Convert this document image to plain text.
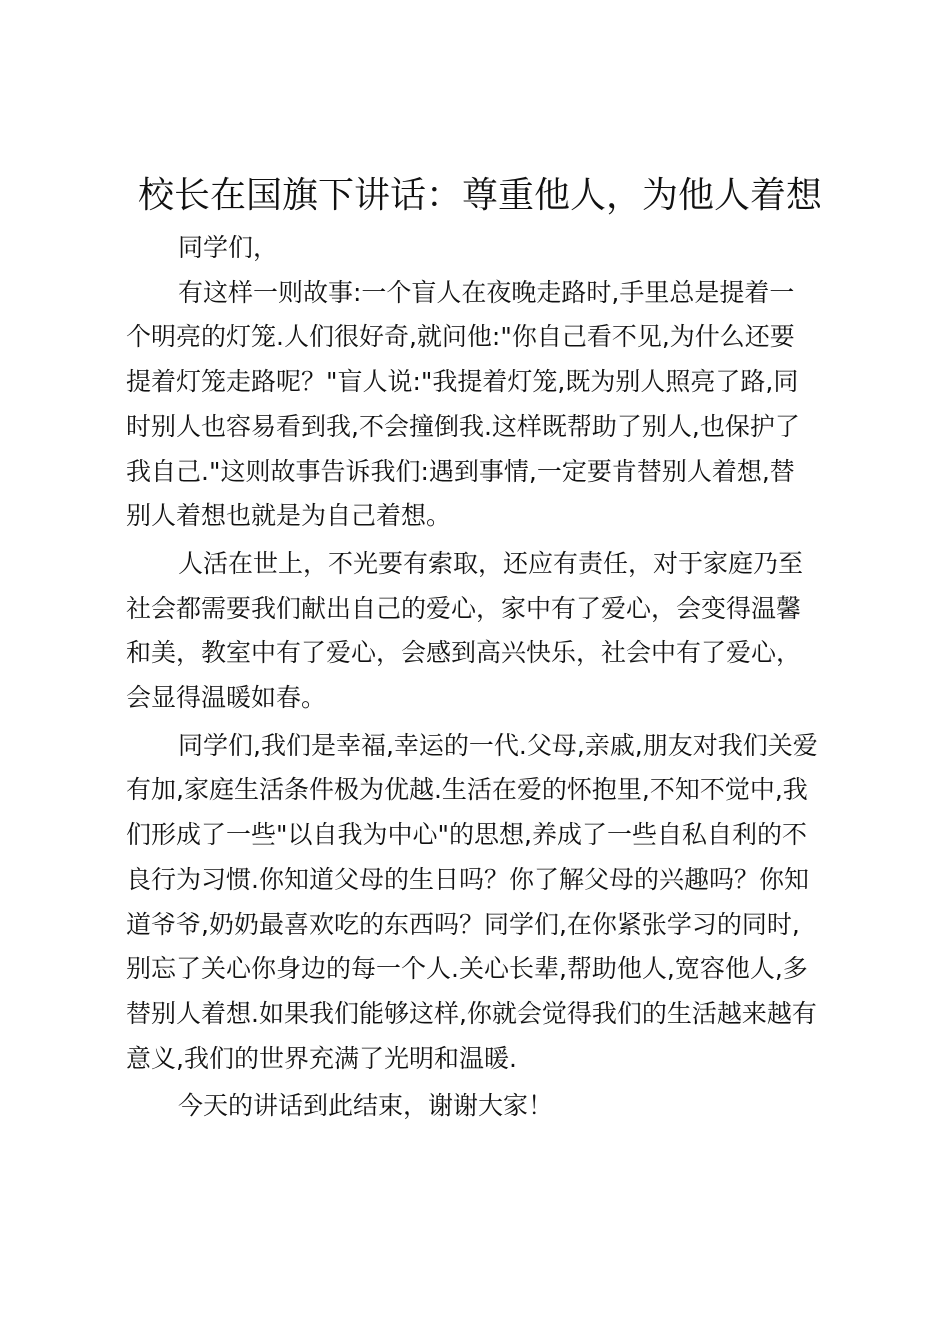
校长在国旗下讲话：尊重他人，为他人着想

同学们，

有这样一则故事:一个盲人在夜晚走路时,手里总是提着一
个明亮的灯笼.人们很好奇,就问他:"你自己看不见,为什么还要
提着灯笼走路呢？"盲人说:"我提着灯笼,既为别人照亮了路,同
时别人也容易看到我,不会撞倒我.这样既帮助了别人,也保护了
我自己."这则故事告诉我们:遇到事情,一定要肯替别人着想,替
别人着想也就是为自己着想。

人活在世上，不光要有索取，还应有责任，对于家庭乃至
社会都需要我们献出自己的爱心，家中有了爱心，会变得温馨
和美，教室中有了爱心，会感到高兴快乐，社会中有了爱心，
会显得温暖如春。

同学们,我们是幸福,幸运的一代.父母,亲戚,朋友对我们关爱
有加,家庭生活条件极为优越.生活在爱的怀抱里,不知不觉中,我
们形成了一些"以自我为中心"的思想,养成了一些自私自利的不
良行为习惯.你知道父母的生日吗？你了解父母的兴趣吗？你知
道爷爷,奶奶最喜欢吃的东西吗？同学们,在你紧张学习的同时,
别忘了关心你身边的每一个人.关心长辈,帮助他人,宽容他人,多
替别人着想.如果我们能够这样,你就会觉得我们的生活越来越有
意义,我们的世界充满了光明和温暖.

今天的讲话到此结束，谢谢大家！
